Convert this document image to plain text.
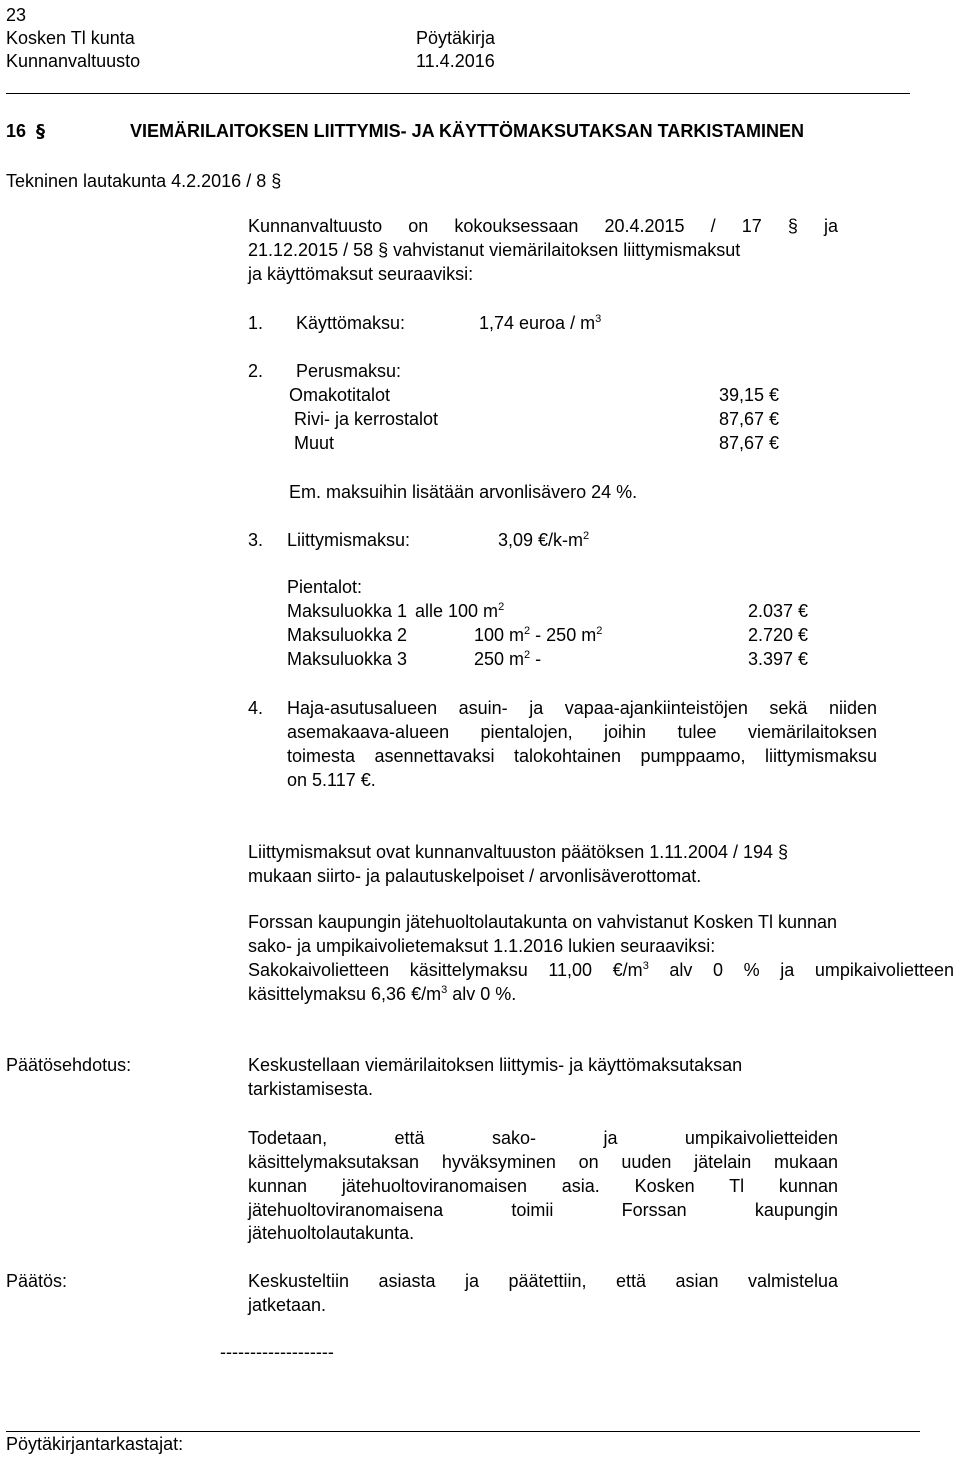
23
Kosken Tl kunta	Pöytäkirja
Kunnanvaltuusto	11.4.2016
16 §	VIEMÄRILAITOKSEN LIITTYMIS- JA KÄYTTÖMAKSUTAKSAN TARKISTAMINEN
Tekninen lautakunta 4.2.2016 / 8 §
Kunnanvaltuusto on kokouksessaan 20.4.2015 / 17 § ja
21.12.2015 / 58 § vahvistanut viemärilaitoksen liittymismaksut
ja käyttömaksut seuraaviksi:
1. Käyttömaksu:	1,74 euroa / $m^3$
2. Perusmaksu:
Omakotitalot	39,15 €
Rivi- ja kerrostalot	87,67 €
Muut	87,67 €
Em. maksuihin lisätään arvonlisävero 24 %.
3. Liittymismaksu:	3,09 $€/k-m^2$
Pientalot:
Maksuluokka 1 alle 100 $m^2$	2.037 €
Maksuluokka 2	100 $m^2 - 250$ $m^2$	2.720 €
Maksuluokka 3	250 $m^2$ -	3.397 €
4. Haja-asutusalueen asuin- ja vapaa-ajankiinteistöjen sekä niiden
asemakaava-alueen pientalojen, joihin tulee viemärilaitoksen
toimesta asennettavaksi talokohtainen pumppaamo, liittymismaksu
on 5.117 €.
Liittymismaksut ovat kunnanvaltuuston päätöksen 1.11.2004 / 194 §
mukaan siirto- ja palautuskelpoiset / arvonlisäverottomat.
Forssan kaupungin jätehuoltolautakunta on vahvistanut Kosken Tl kunnan
sako- ja umpikaivolietemaksut 1.1.2016 lukien seuraaviksi:
Sakokaivolietteen käsittelymaksu 11,00 $€/m^3$ alv 0 % ja umpikaivolietteen
käsittelymaksu 6,36 $€/m^3$ alv 0 %.
Päätösehdotus:	Keskustellaan viemärilaitoksen liittymis- ja käyttömaksutaksan
tarkistamisesta.
Todetaan, että sako- ja umpikaivolietteiden
käsittelymaksutaksan hyväksyminen on uuden jätelain mukaan
kunnan jätehuoltoviranomaisen asia. Kosken Tl kunnan
jätehuoltoviranomaisena toimii Forssan kaupungin
jätehuoltolautakunta.
Päätös:	Keskusteltiin asiasta ja päätettiin, että asian valmistelua
jatketaan.
-------------------
Pöytäkirjantarkastajat:
